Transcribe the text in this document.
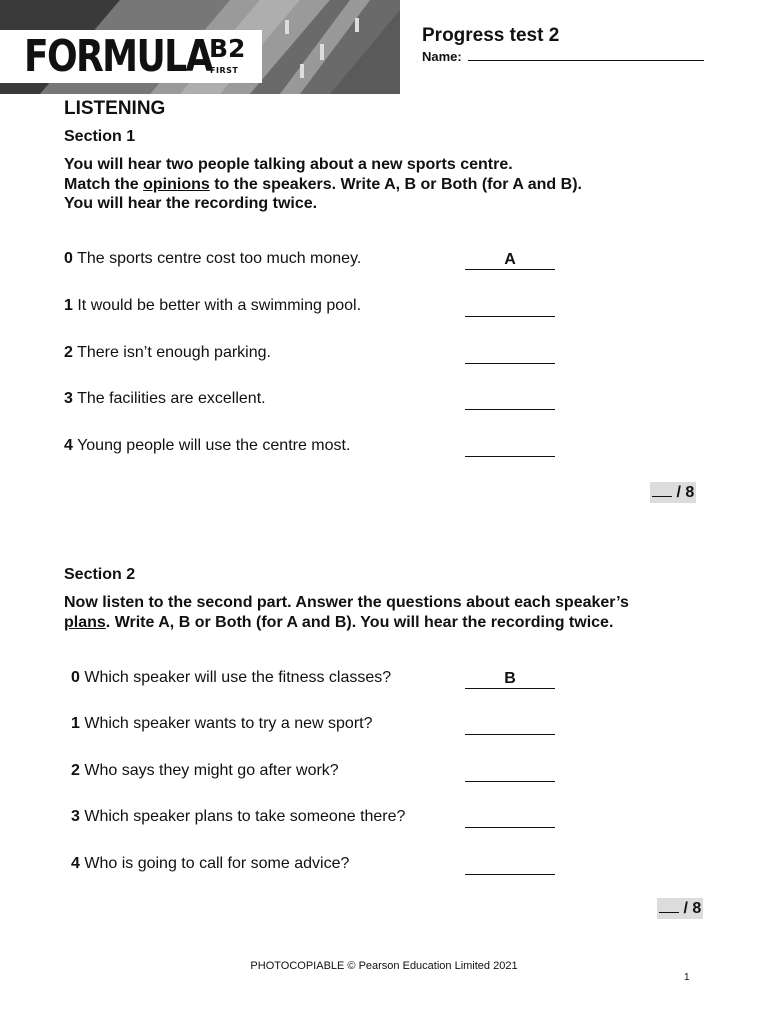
FORMULA
B2
FIRST
Progress test 2
Name:
LISTENING
Section 1
You will hear two people talking about a new sports centre.
Match the opinions to the speakers. Write A, B or Both (for A and B).
You will hear the recording twice.
0 The sports centre cost too much money.	A
1 It would be better with a swimming pool.
2 There isn’t enough parking.
3 The facilities are excellent.
4 Young people will use the centre most.
/ 8
Section 2
Now listen to the second part. Answer the questions about each speaker’s
plans. Write A, B or Both (for A and B). You will hear the recording twice.
0 Which speaker will use the fitness classes?	B
1 Which speaker wants to try a new sport?
2 Who says they might go after work?
3 Which speaker plans to take someone there?
4 Who is going to call for some advice?
/ 8
PHOTOCOPIABLE © Pearson Education Limited 2021
1
